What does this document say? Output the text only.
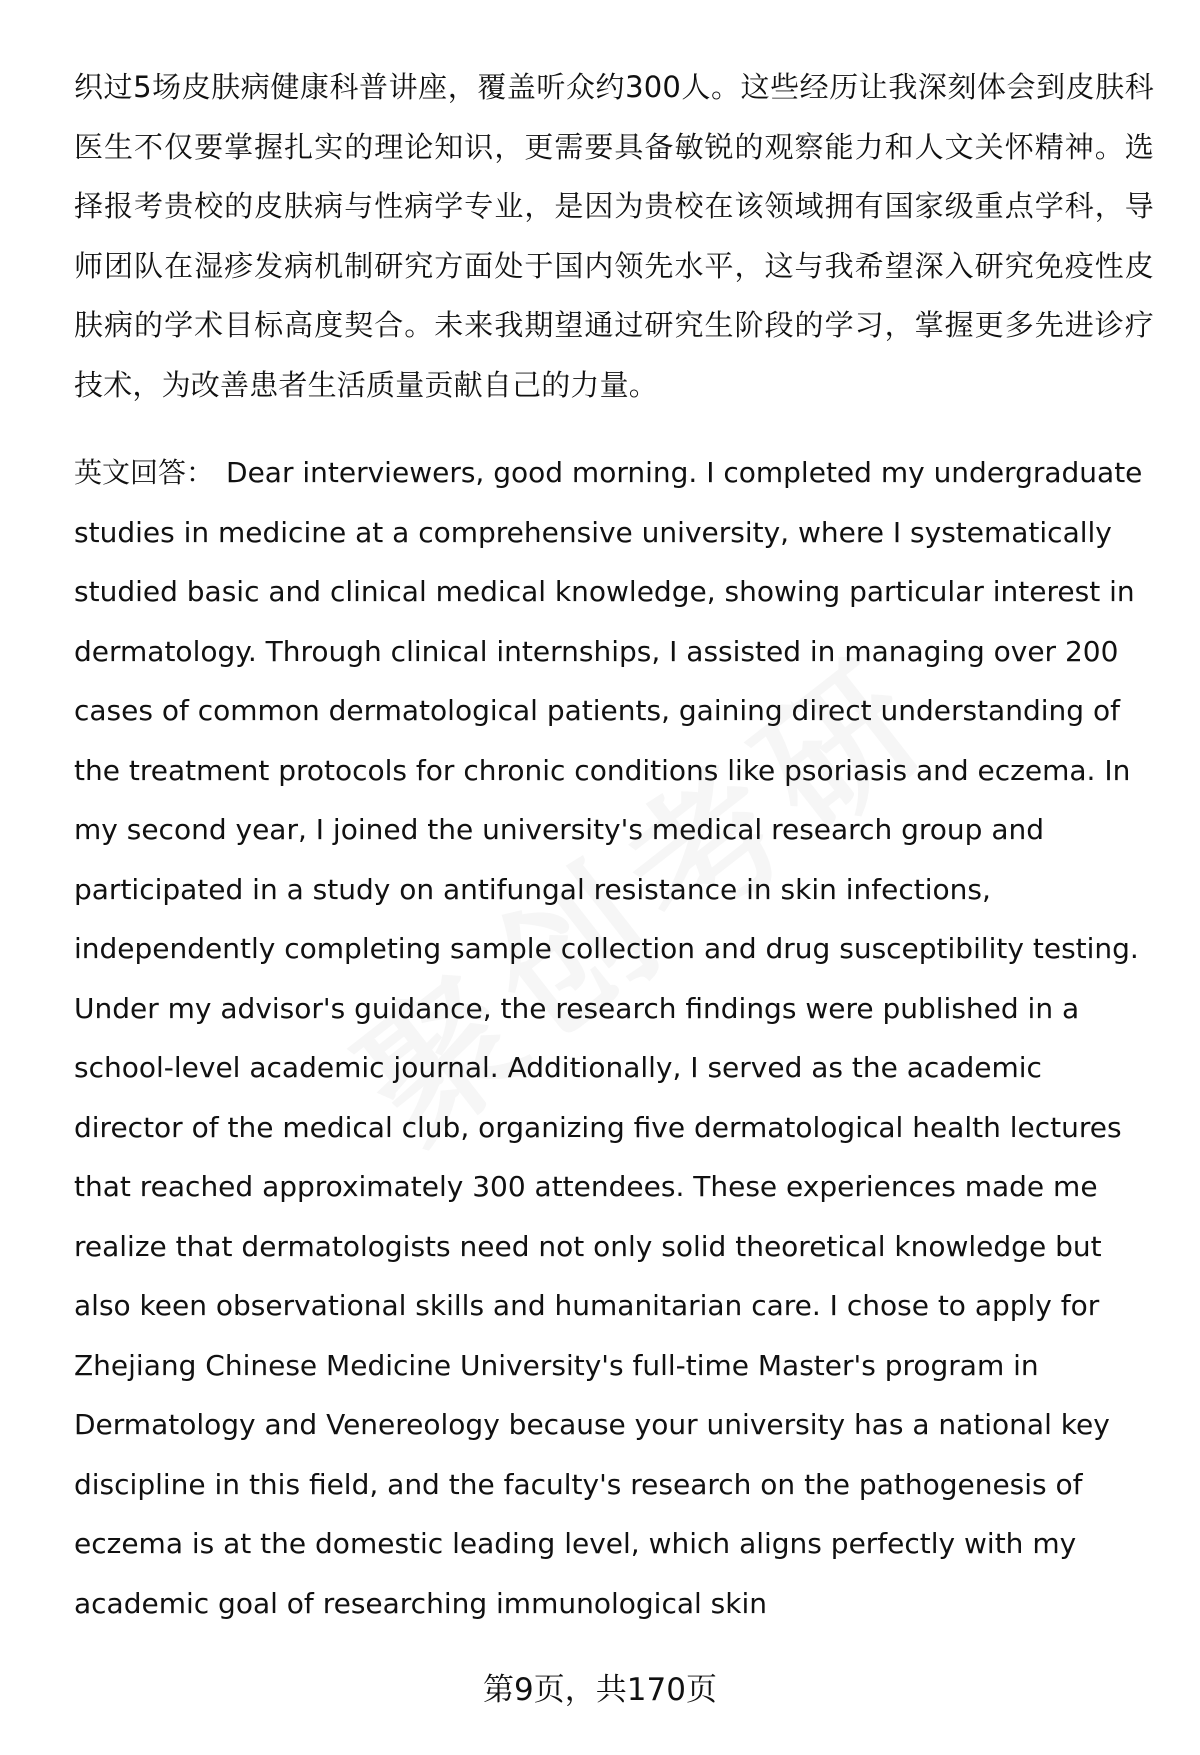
织过5场皮肤病健康科普讲座，覆盖听众约300人。这些经历让我深刻体会到皮肤科医生不仅要掌握扎实的理论知识，更需要具备敏锐的观察能力和人文关怀精神。选择报考贵校的皮肤病与性病学专业，是因为贵校在该领域拥有国家级重点学科，导师团队在湿疹发病机制研究方面处于国内领先水平，这与我希望深入研究免疫性皮肤病的学术目标高度契合。未来我期望通过研究生阶段的学习，掌握更多先进诊疗技术，为改善患者生活质量贡献自己的力量。

英文回答： Dear interviewers, good morning. I completed my undergraduate studies in medicine at a comprehensive university, where I systematically studied basic and clinical medical knowledge, showing particular interest in dermatology. Through clinical internships, I assisted in managing over 200 cases of common dermatological patients, gaining direct understanding of the treatment protocols for chronic conditions like psoriasis and eczema. In my second year, I joined the university's medical research group and participated in a study on antifungal resistance in skin infections, independently completing sample collection and drug susceptibility testing. Under my advisor's guidance, the research findings were published in a school-level academic journal. Additionally, I served as the academic director of the medical club, organizing five dermatological health lectures that reached approximately 300 attendees. These experiences made me realize that dermatologists need not only solid theoretical knowledge but also keen observational skills and humanitarian care. I chose to apply for Zhejiang Chinese Medicine University's full-time Master's program in Dermatology and Venereology because your university has a national key discipline in this field, and the faculty's research on the pathogenesis of eczema is at the domestic leading level, which aligns perfectly with my academic goal of researching immunological skin

第9页，共170页
